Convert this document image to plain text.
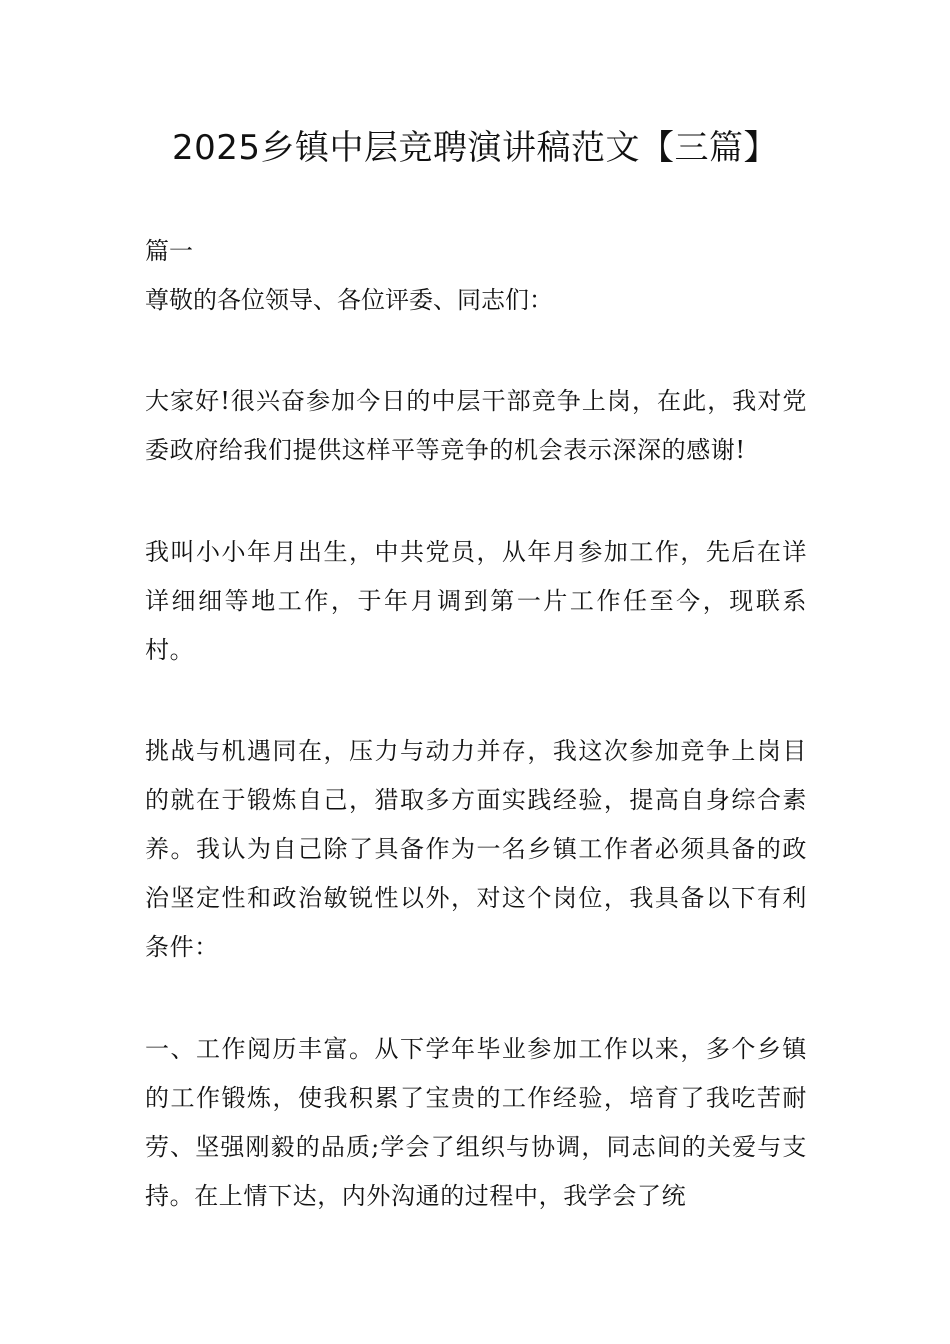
2025乡镇中层竞聘演讲稿范文【三篇】
篇一
尊敬的各位领导、各位评委、同志们：

大家好!很兴奋参加今日的中层干部竞争上岗，在此，我对党委政府给我们提供这样平等竞争的机会表示深深的感谢!

我叫小小年月出生，中共党员，从年月参加工作，先后在详详细细等地工作，于年月调到第一片工作任至今，现联系村。

挑战与机遇同在，压力与动力并存，我这次参加竞争上岗目的就在于锻炼自己，猎取多方面实践经验，提高自身综合素养。我认为自己除了具备作为一名乡镇工作者必须具备的政治坚定性和政治敏锐性以外，对这个岗位，我具备以下有利条件：

一、工作阅历丰富。从下学年毕业参加工作以来，多个乡镇的工作锻炼，使我积累了宝贵的工作经验，培育了我吃苦耐劳、坚强刚毅的品质;学会了组织与协调，同志间的关爱与支持。在上情下达，内外沟通的过程中，我学会了统
